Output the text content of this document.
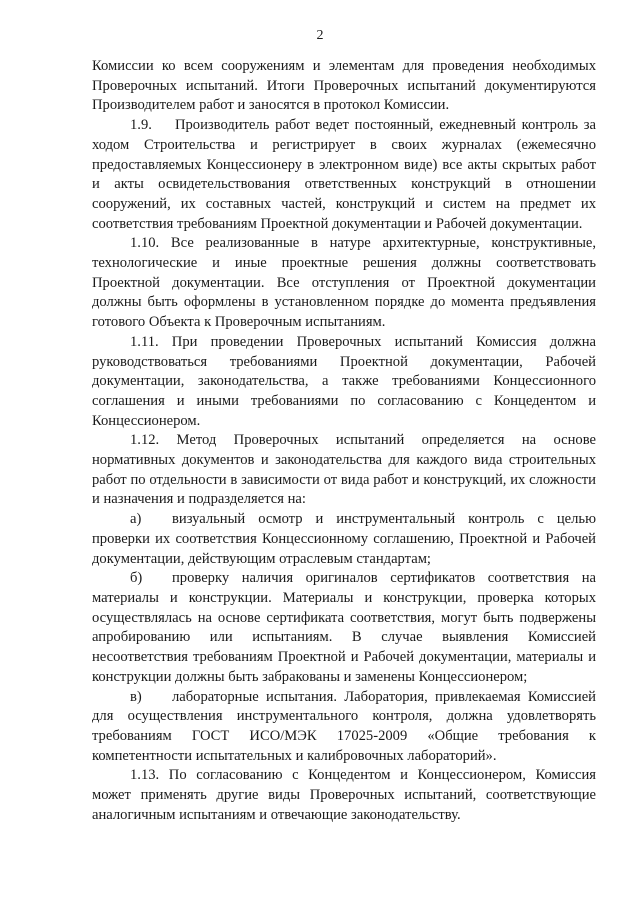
2

Комиссии ко всем сооружениям и элементам для проведения необходимых Проверочных испытаний. Итоги Проверочных испытаний документируются Производителем работ и заносятся в протокол Комиссии.

1.9.    Производитель работ ведет постоянный, ежедневный контроль за ходом Строительства и регистрирует в своих журналах (ежемесячно предоставляемых Концессионеру в электронном виде) все акты скрытых работ и акты освидетельствования ответственных конструкций в отношении сооружений, их составных частей, конструкций и систем на предмет их соответствия требованиям Проектной документации и Рабочей документации.

1.10. Все реализованные в натуре архитектурные, конструктивные, технологические и иные проектные решения должны соответствовать Проектной документации. Все отступления от Проектной документации должны быть оформлены в установленном порядке до момента предъявления готового Объекта к Проверочным испытаниям.

1.11. При проведении Проверочных испытаний Комиссия должна руководствоваться требованиями Проектной документации, Рабочей документации, законодательства, а также требованиями Концессионного соглашения и иными требованиями по согласованию с Концедентом и Концессионером.

1.12. Метод Проверочных испытаний определяется на основе нормативных документов и законодательства для каждого вида строительных работ по отдельности в зависимости от вида работ и конструкций, их сложности и назначения и подразделяется на:

а) визуальный осмотр и инструментальный контроль с целью проверки их соответствия Концессионному соглашению, Проектной и Рабочей документации, действующим отраслевым стандартам;

б) проверку наличия оригиналов сертификатов соответствия на материалы и конструкции. Материалы и конструкции, проверка которых осуществлялась на основе сертификата соответствия, могут быть подвержены апробированию или испытаниям. В случае выявления Комиссией несоответствия требованиям Проектной и Рабочей документации, материалы и конструкции должны быть забракованы и заменены Концессионером;

в) лабораторные испытания. Лаборатория, привлекаемая Комиссией для осуществления инструментального контроля, должна удовлетворять требованиям ГОСТ ИСО/МЭК 17025-2009 «Общие требования к компетентности испытательных и калибровочных лабораторий».

1.13. По согласованию с Концедентом и Концессионером, Комиссия может применять другие виды Проверочных испытаний, соответствующие аналогичным испытаниям и отвечающие законодательству.
